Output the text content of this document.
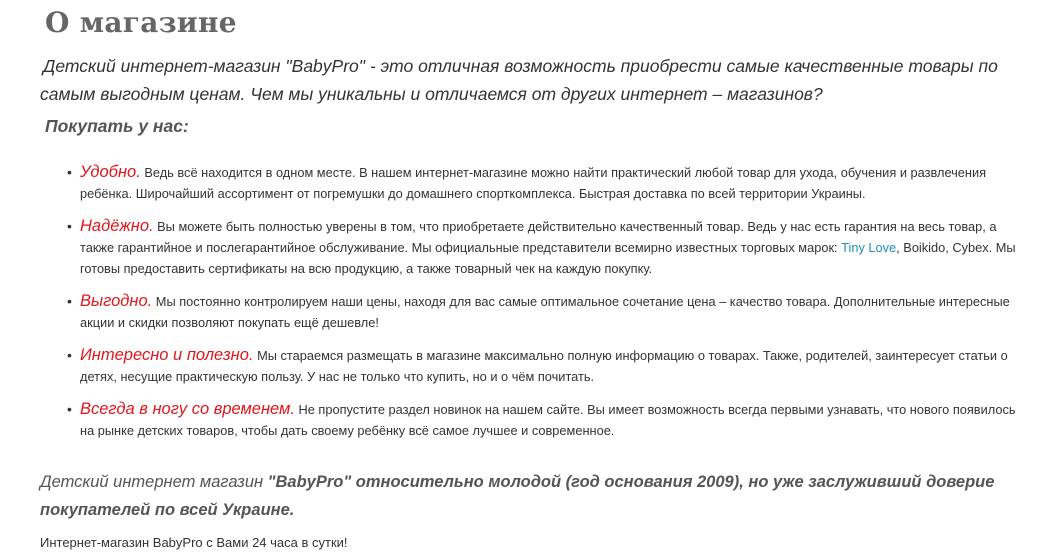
О магазине

Детский интернет-магазин "BabyPro" - это отличная возможность приобрести самые качественные товары по самым выгодным ценам. Чем мы уникальны и отличаемся от других интернет – магазинов?

Покупать у нас:

• Удобно. Ведь всё находится в одном месте. В нашем интернет-магазине можно найти практический любой товар для ухода, обучения и развлечения ребёнка. Широчайший ассортимент от погремушки до домашнего спорткомплекса. Быстрая доставка по всей территории Украины.
• Надёжно. Вы можете быть полностью уверены в том, что приобретаете действительно качественный товар. Ведь у нас есть гарантия на весь товар, а также гарантийное и послегарантийное обслуживание. Мы официальные представители всемирно известных торговых марок: Tiny Love, Boikido, Cybex. Мы готовы предоставить сертификаты на всю продукцию, а также товарный чек на каждую покупку.
• Выгодно. Мы постоянно контролируем наши цены, находя для вас самые оптимальное сочетание цена – качество товара. Дополнительные интересные акции и скидки позволяют покупать ещё дешевле!
• Интересно и полезно. Мы стараемся размещать в магазине максимально полную информацию о товарах. Также, родителей, заинтересует статьи о детях, несущие практическую пользу. У нас не только что купить, но и о чём почитать.
• Всегда в ногу со временем. Не пропустите раздел новинок на нашем сайте. Вы имеет возможность всегда первыми узнавать, что нового появилось на рынке детских товаров, чтобы дать своему ребёнку всё самое лучшее и современное.

Детский интернет магазин "BabyPro" относительно молодой (год основания 2009), но уже заслуживший доверие покупателей по всей Украине.

Интернет-магазин BabyPro с Вами 24 часа в сутки!
